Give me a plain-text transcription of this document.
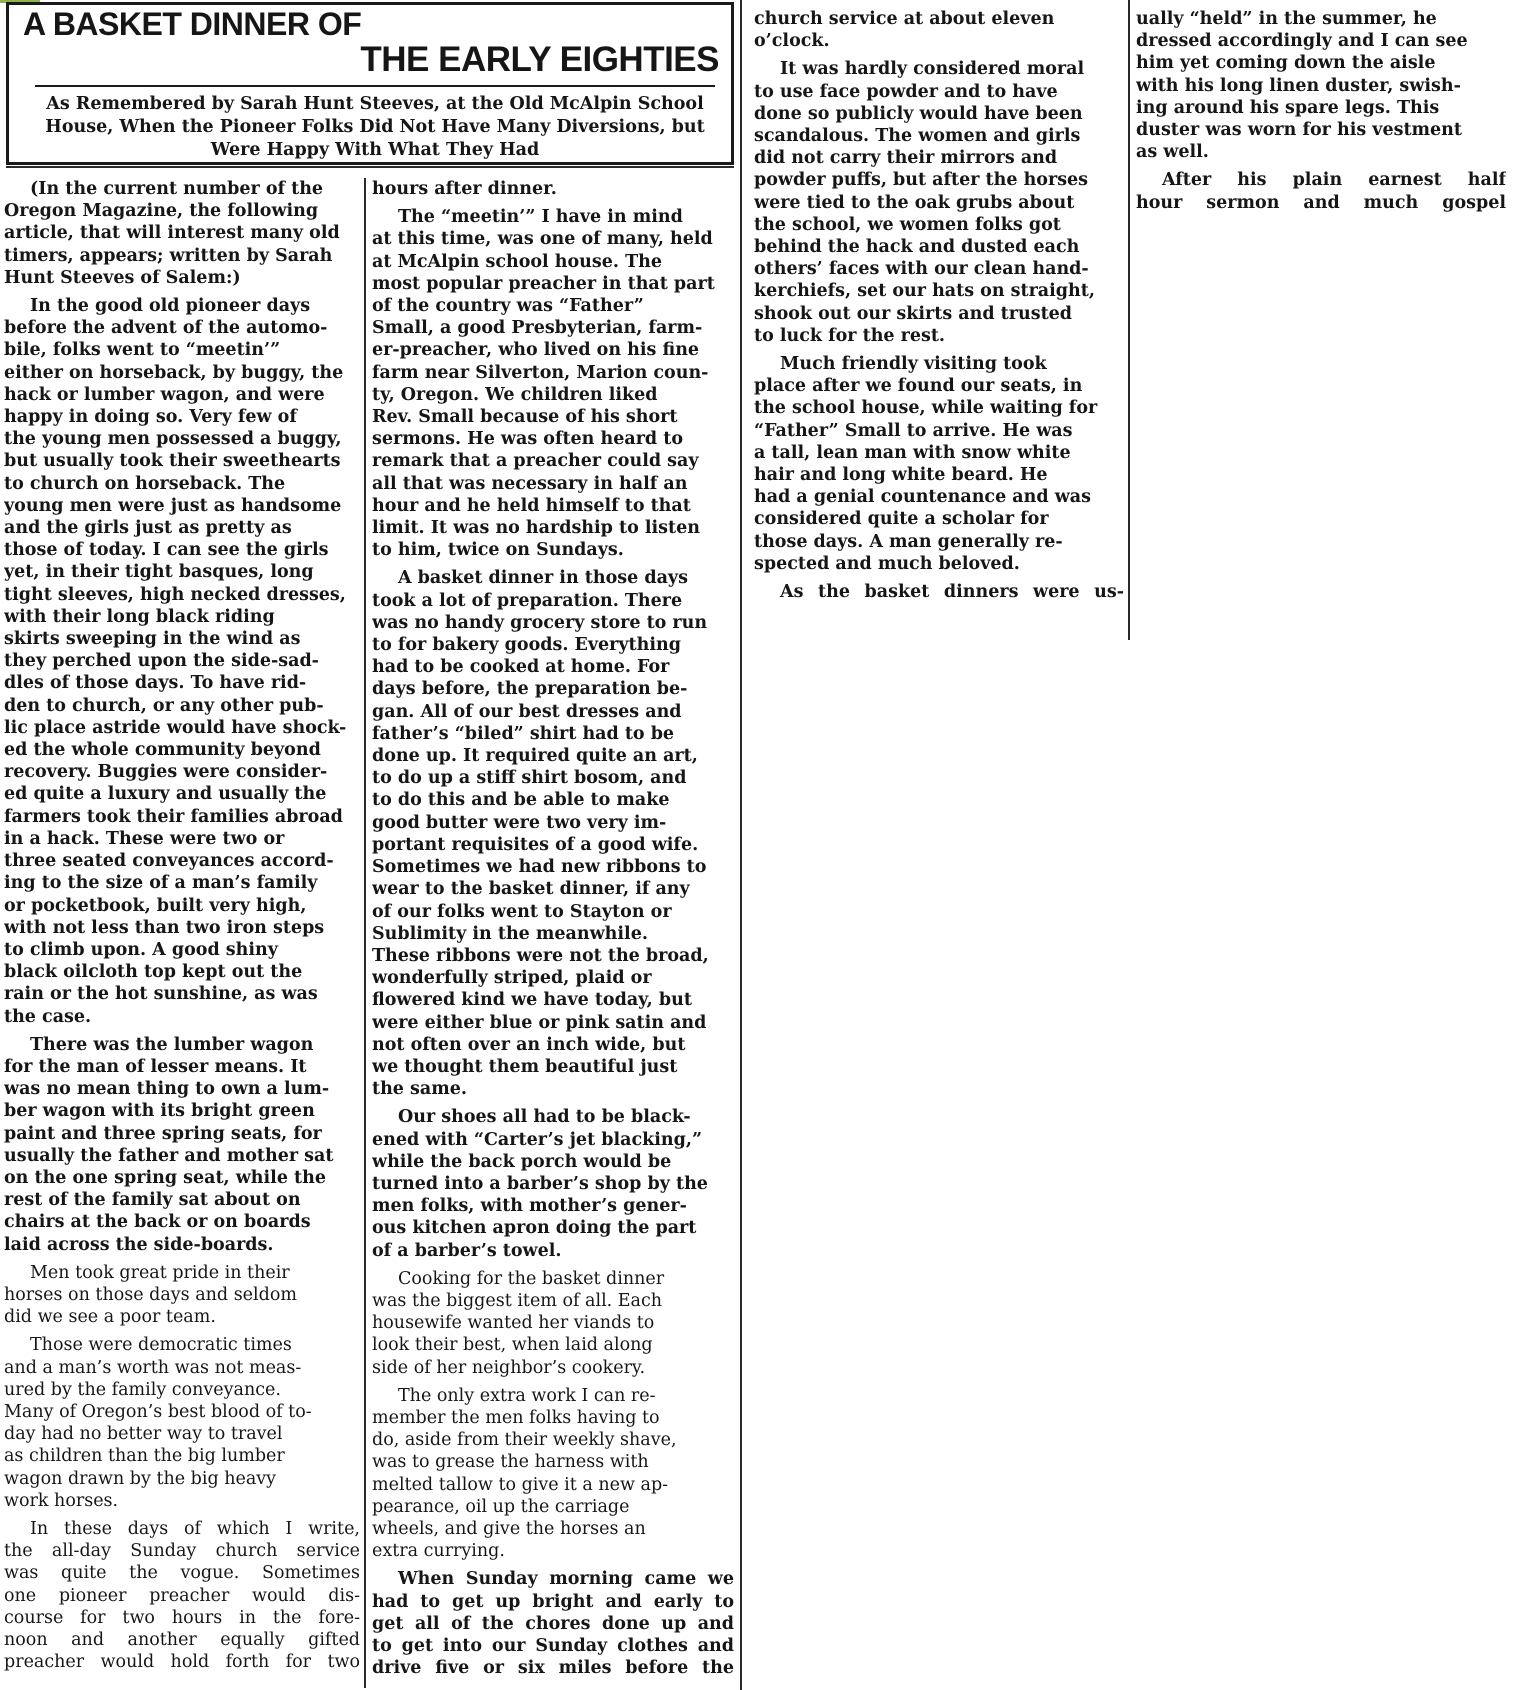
A BASKET DINNER OF
THE EARLY EIGHTIES
As Remembered by Sarah Hunt Steeves, at the Old McAlpin School House, When the Pioneer Folks Did Not Have Many Diversions, but Were Happy With What They Had

(In the current number of the
Oregon Magazine, the following
article, that will interest many old
timers, appears; written by Sarah
Hunt Steeves of Salem:)

In the good old pioneer days
before the advent of the automo-
bile, folks went to “meetin’”
either on horseback, by buggy, the
hack or lumber wagon, and were
happy in doing so. Very few of
the young men possessed a buggy,
but usually took their sweethearts
to church on horseback. The
young men were just as handsome
and the girls just as pretty as
those of today. I can see the girls
yet, in their tight basques, long
tight sleeves, high necked dresses,
with their long black riding
skirts sweeping in the wind as
they perched upon the side-sad-
dles of those days. To have rid-
den to church, or any other pub-
lic place astride would have shock-
ed the whole community beyond
recovery. Buggies were consider-
ed quite a luxury and usually the
farmers took their families abroad
in a hack. These were two or
three seated conveyances accord-
ing to the size of a man’s family
or pocketbook, built very high,
with not less than two iron steps
to climb upon. A good shiny
black oilcloth top kept out the
rain or the hot sunshine, as was
the case.

There was the lumber wagon
for the man of lesser means. It
was no mean thing to own a lum-
ber wagon with its bright green
paint and three spring seats, for
usually the father and mother sat
on the one spring seat, while the
rest of the family sat about on
chairs at the back or on boards
laid across the side-boards.

Men took great pride in their
horses on those days and seldom
did we see a poor team.

Those were democratic times
and a man’s worth was not meas-
ured by the family conveyance.
Many of Oregon’s best blood of to-
day had no better way to travel
as children than the big lumber
wagon drawn by the big heavy
work horses.

In these days of which I write,
the all-day Sunday church service
was quite the vogue. Sometimes
one pioneer preacher would dis-
course for two hours in the fore-
noon and another equally gifted
preacher would hold forth for two

hours after dinner.

The “meetin’” I have in mind
at this time, was one of many, held
at McAlpin school house. The
most popular preacher in that part
of the country was “Father”
Small, a good Presbyterian, farm-
er-preacher, who lived on his fine
farm near Silverton, Marion coun-
ty, Oregon. We children liked
Rev. Small because of his short
sermons. He was often heard to
remark that a preacher could say
all that was necessary in half an
hour and he held himself to that
limit. It was no hardship to listen
to him, twice on Sundays.

A basket dinner in those days
took a lot of preparation. There
was no handy grocery store to run
to for bakery goods. Everything
had to be cooked at home. For
days before, the preparation be-
gan. All of our best dresses and
father’s “biled” shirt had to be
done up. It required quite an art,
to do up a stiff shirt bosom, and
to do this and be able to make
good butter were two very im-
portant requisites of a good wife.
Sometimes we had new ribbons to
wear to the basket dinner, if any
of our folks went to Stayton or
Sublimity in the meanwhile.
These ribbons were not the broad,
wonderfully striped, plaid or
flowered kind we have today, but
were either blue or pink satin and
not often over an inch wide, but
we thought them beautiful just
the same.

Our shoes all had to be black-
ened with “Carter’s jet blacking,”
while the back porch would be
turned into a barber’s shop by the
men folks, with mother’s gener-
ous kitchen apron doing the part
of a barber’s towel.

Cooking for the basket dinner
was the biggest item of all. Each
housewife wanted her viands to
look their best, when laid along
side of her neighbor’s cookery.

The only extra work I can re-
member the men folks having to
do, aside from their weekly shave,
was to grease the harness with
melted tallow to give it a new ap-
pearance, oil up the carriage
wheels, and give the horses an
extra currying.

When Sunday morning came we
had to get up bright and early to
get all of the chores done up and
to get into our Sunday clothes and
drive five or six miles before the

church service at about eleven
o’clock.

It was hardly considered moral
to use face powder and to have
done so publicly would have been
scandalous. The women and girls
did not carry their mirrors and
powder puffs, but after the horses
were tied to the oak grubs about
the school, we women folks got
behind the hack and dusted each
others’ faces with our clean hand-
kerchiefs, set our hats on straight,
shook out our skirts and trusted
to luck for the rest.

Much friendly visiting took
place after we found our seats, in
the school house, while waiting for
“Father” Small to arrive. He was
a tall, lean man with snow white
hair and long white beard. He
had a genial countenance and was
considered quite a scholar for
those days. A man generally re-
spected and much beloved.

As the basket dinners were us-

ually “held” in the summer, he
dressed accordingly and I can see
him yet coming down the aisle
with his long linen duster, swish-
ing around his spare legs. This
duster was worn for his vestment
as well.

After his plain earnest half
hour sermon and much gospel
